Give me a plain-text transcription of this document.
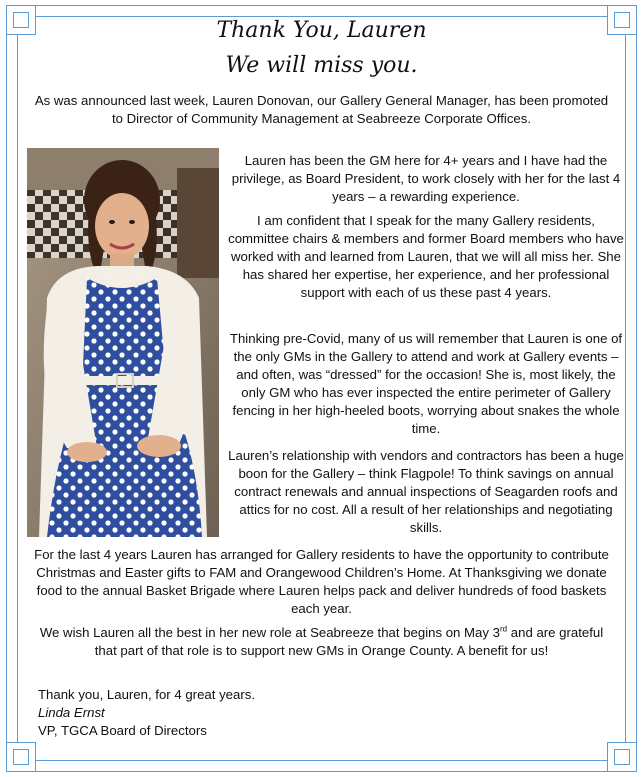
Thank You, Lauren
We will miss you.

As was announced last week, Lauren Donovan, our Gallery General Manager, has been promoted to Director of Community Management at Seabreeze Corporate Offices.

Lauren has been the GM here for 4+ years and I have had the privilege, as Board President, to work closely with her for the last 4 years – a rewarding experience.

I am confident that I speak for the many Gallery residents, committee chairs & members and former Board members who have worked with and learned from Lauren, that we will all miss her. She has shared her expertise, her experience, and her professional support with each of us these past 4 years.

Thinking pre-Covid, many of us will remember that Lauren is one of the only GMs in the Gallery to attend and work at Gallery events – and often, was “dressed” for the occasion! She is, most likely, the only GM who has ever inspected the entire perimeter of Gallery fencing in her high-heeled boots, worrying about snakes the whole time.

Lauren’s relationship with vendors and contractors has been a huge boon for the Gallery – think Flagpole! To think savings on annual contract renewals and annual inspections of Seagarden roofs and attics for no cost. All a result of her relationships and negotiating skills.

For the last 4 years Lauren has arranged for Gallery residents to have the opportunity to contribute Christmas and Easter gifts to FAM and Orangewood Children’s Home. At Thanksgiving we donate food to the annual Basket Brigade where Lauren helps pack and deliver hundreds of food baskets each year.

We wish Lauren all the best in her new role at Seabreeze that begins on May 3rd and are grateful that part of that role is to support new GMs in Orange County. A benefit for us!

Thank you, Lauren, for 4 great years.
Linda Ernst
VP, TGCA Board of Directors
